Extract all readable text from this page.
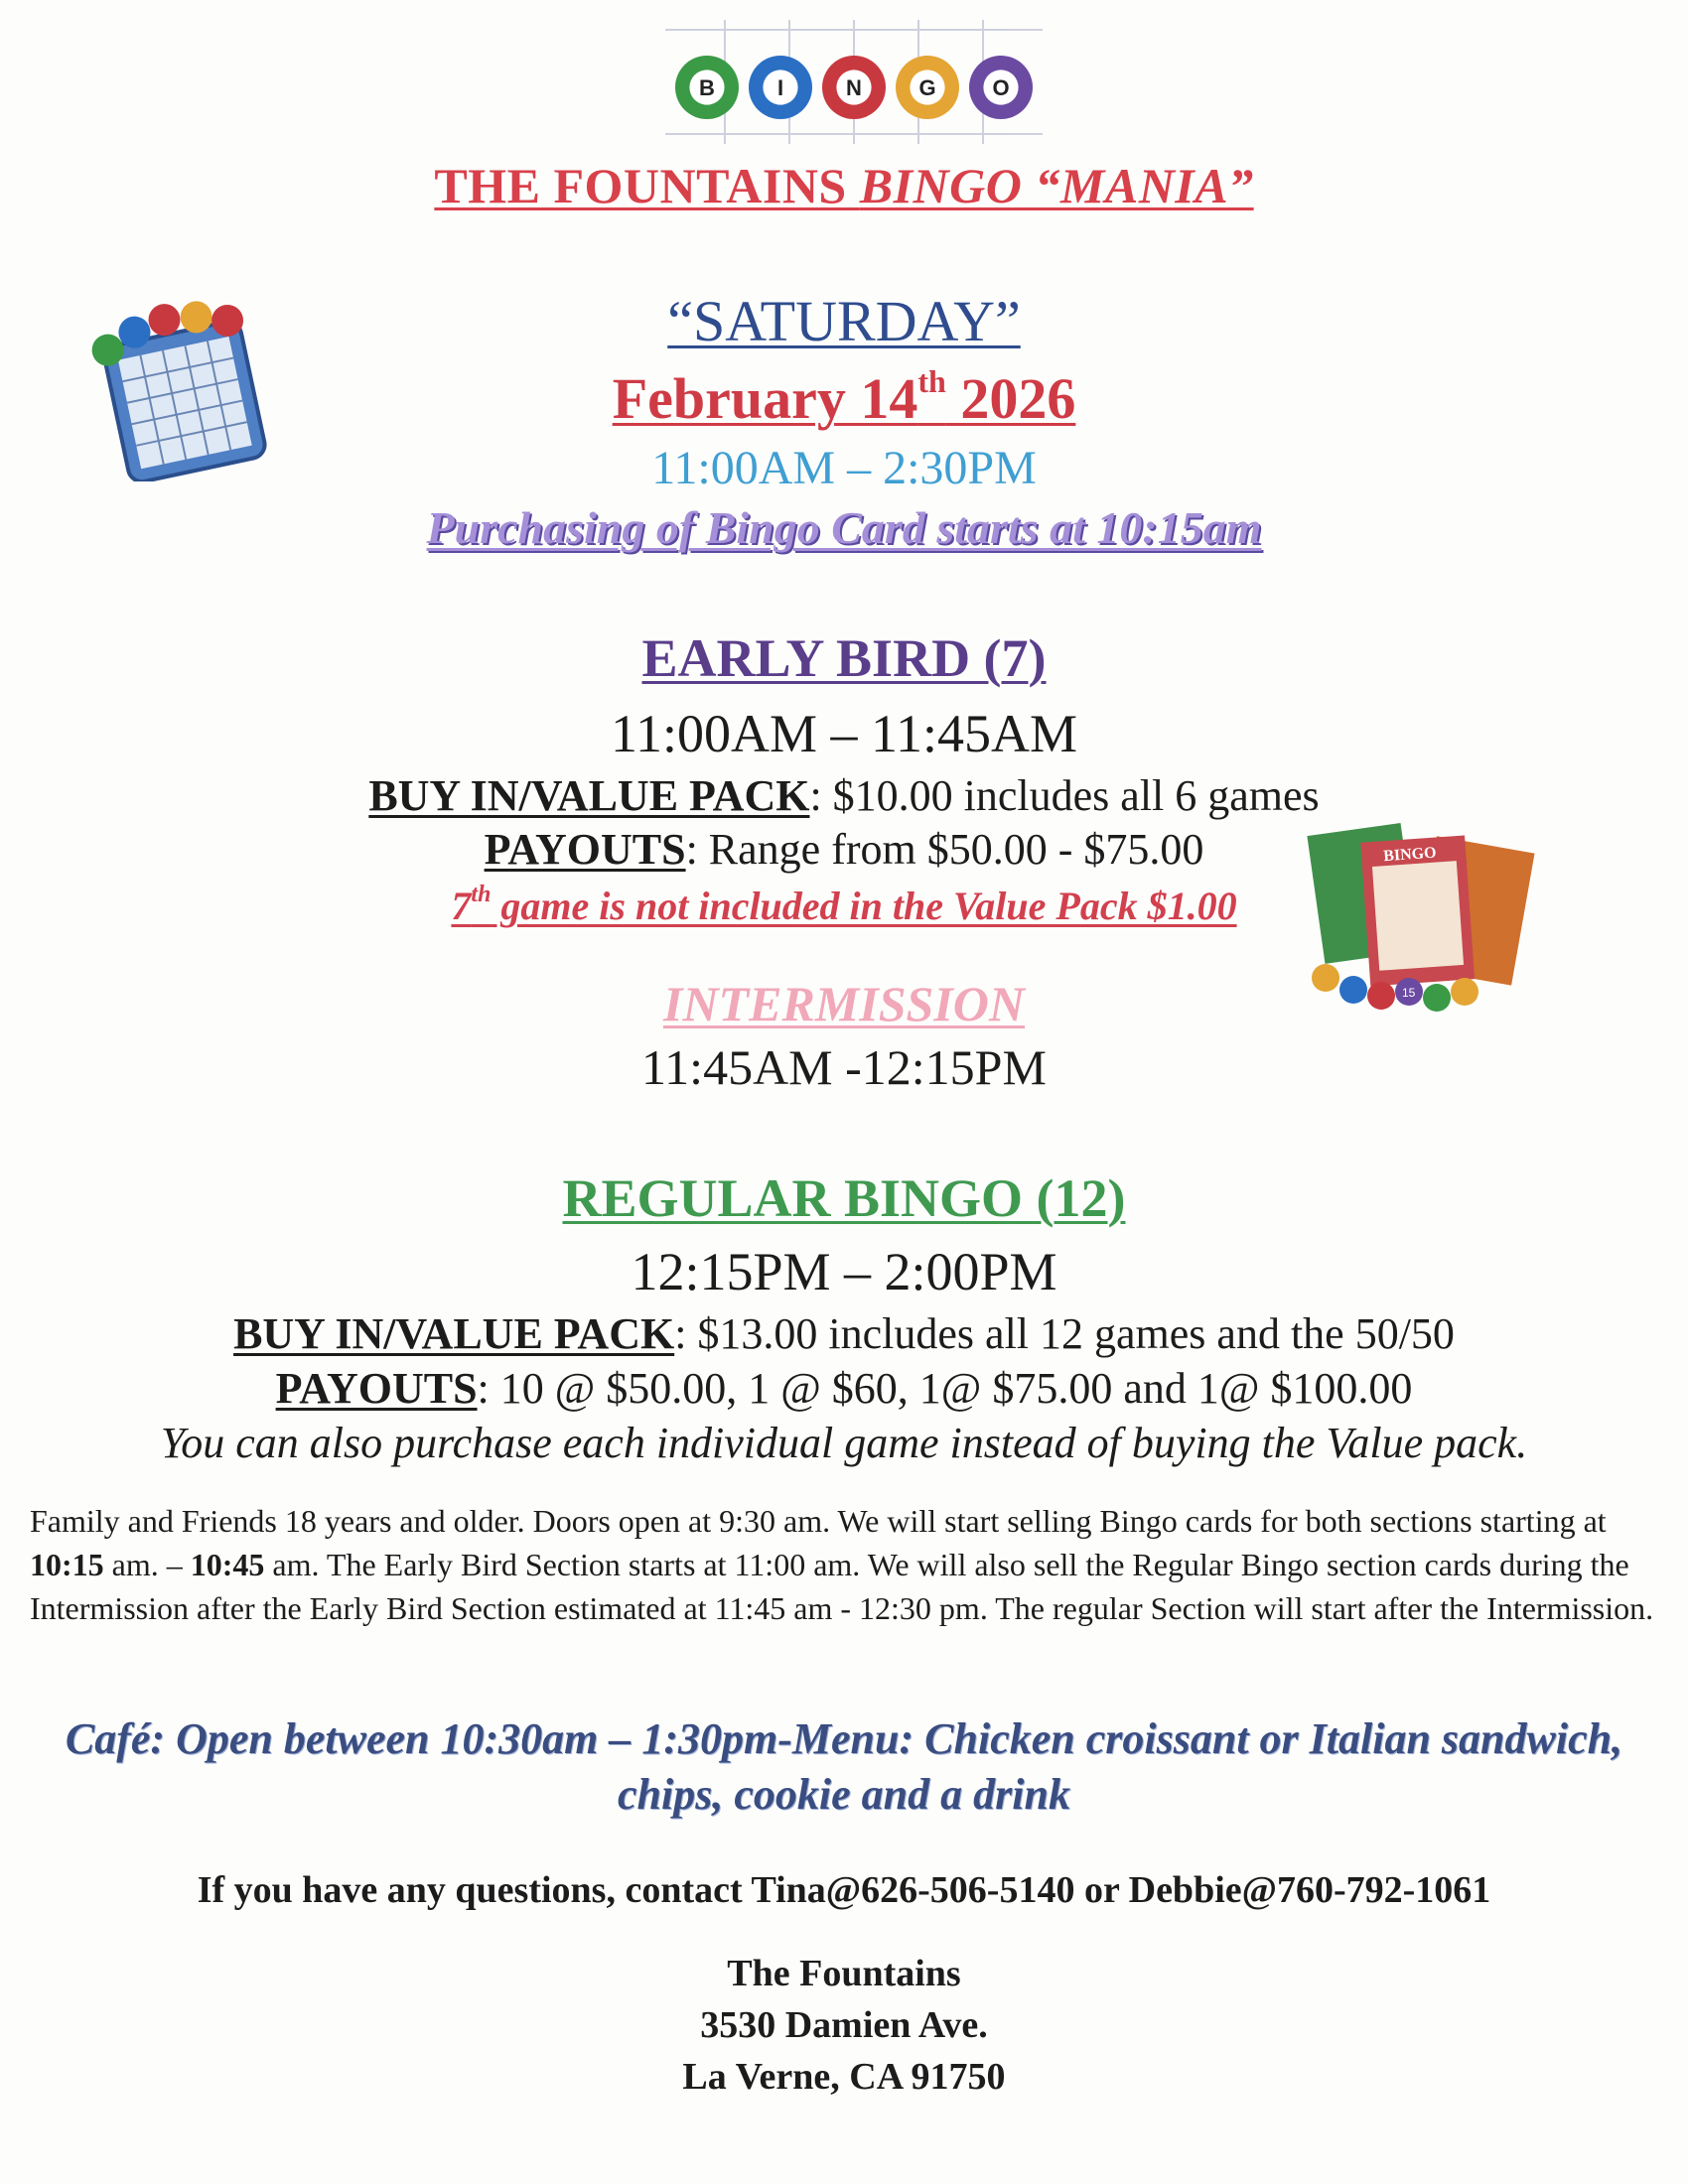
B	I	N	G	O
THE FOUNTAINS BINGO “MANIA”
“SATURDAY”
February 14th 2026
11:00AM – 2:30PM
Purchasing of Bingo Card starts at 10:15am
EARLY BIRD (7)
11:00AM – 11:45AM
BUY IN/VALUE PACK: $10.00 includes all 6 games
PAYOUTS: Range from $50.00 - $75.00
7th game is not included in the Value Pack $1.00
BINGO
15
INTERMISSION
11:45AM -12:15PM
REGULAR BINGO (12)
12:15PM – 2:00PM
BUY IN/VALUE PACK: $13.00 includes all 12 games and the 50/50
PAYOUTS: 10 @ $50.00, 1 @ $60, 1@ $75.00 and 1@ $100.00
You can also purchase each individual game instead of buying the Value pack.
Family and Friends 18 years and older. Doors open at 9:30 am. We will start selling Bingo cards for both sections starting at 10:15 am. – 10:45 am. The Early Bird Section starts at 11:00 am. We will also sell the Regular Bingo section cards during the Intermission after the Early Bird Section estimated at 11:45 am - 12:30 pm. The regular Section will start after the Intermission.
Café: Open between 10:30am – 1:30pm-Menu: Chicken croissant or Italian sandwich, chips, cookie and a drink
If you have any questions, contact Tina@626-506-5140 or Debbie@760-792-1061
The Fountains
3530 Damien Ave.
La Verne, CA 91750
